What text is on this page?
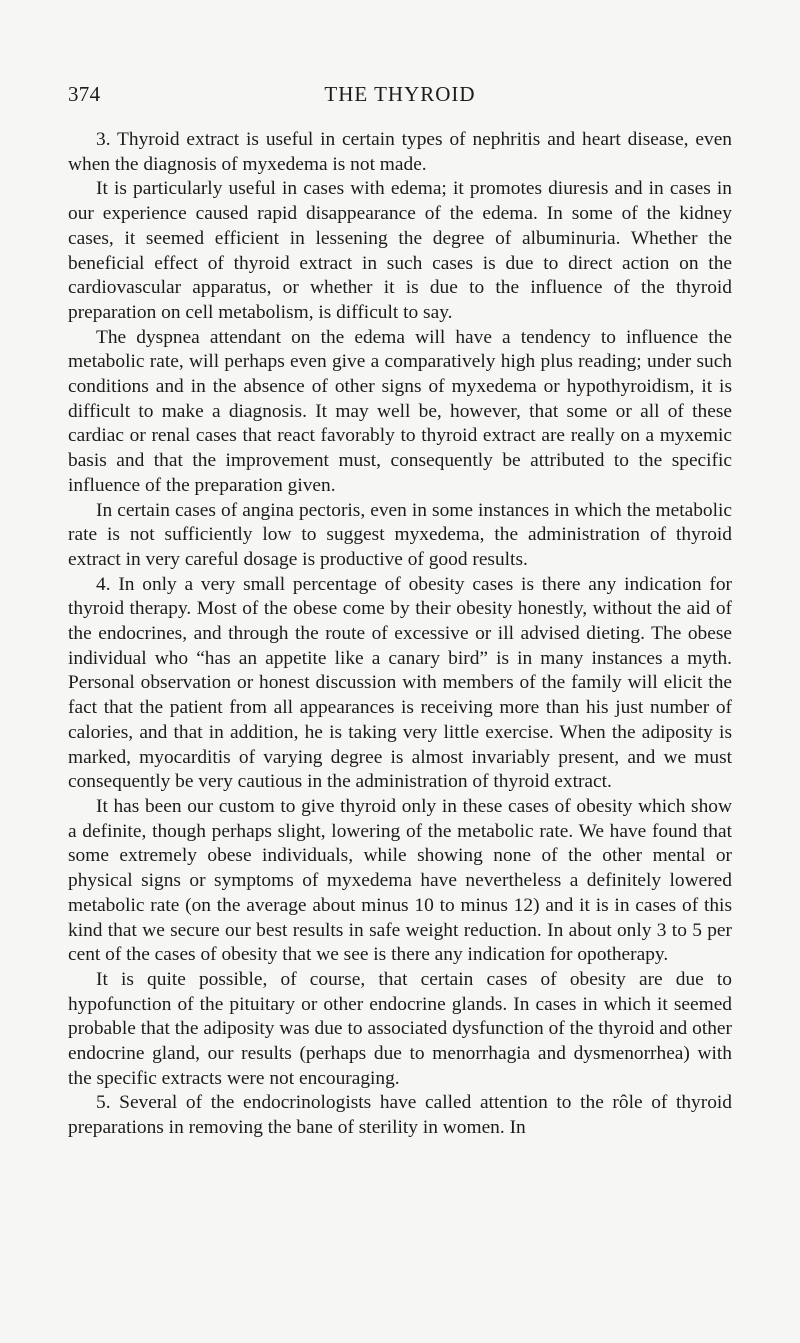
374	THE THYROID

3. Thyroid extract is useful in certain types of nephritis and heart disease, even when the diagnosis of myxedema is not made.

It is particularly useful in cases with edema; it promotes diuresis and in cases in our experience caused rapid disappearance of the edema. In some of the kidney cases, it seemed efficient in lessening the degree of albuminuria. Whether the beneficial effect of thyroid extract in such cases is due to direct action on the cardiovascular apparatus, or whether it is due to the influence of the thyroid preparation on cell metabolism, is difficult to say.

The dyspnea attendant on the edema will have a tendency to influence the metabolic rate, will perhaps even give a comparatively high plus reading; under such conditions and in the absence of other signs of myxedema or hypothyroidism, it is difficult to make a diagnosis. It may well be, however, that some or all of these cardiac or renal cases that react favorably to thyroid extract are really on a myxemic basis and that the improvement must, consequently be attributed to the specific influence of the preparation given.

In certain cases of angina pectoris, even in some instances in which the metabolic rate is not sufficiently low to suggest myxedema, the administration of thyroid extract in very careful dosage is productive of good results.

4. In only a very small percentage of obesity cases is there any indication for thyroid therapy. Most of the obese come by their obesity honestly, without the aid of the endocrines, and through the route of excessive or ill advised dieting. The obese individual who “has an appetite like a canary bird” is in many instances a myth. Personal observation or honest discussion with members of the family will elicit the fact that the patient from all appearances is receiving more than his just number of calories, and that in addition, he is taking very little exercise. When the adiposity is marked, myocarditis of varying degree is almost invariably present, and we must consequently be very cautious in the administration of thyroid extract.

It has been our custom to give thyroid only in these cases of obesity which show a definite, though perhaps slight, lowering of the metabolic rate. We have found that some extremely obese individuals, while showing none of the other mental or physical signs or symptoms of myxedema have nevertheless a definitely lowered metabolic rate (on the average about minus 10 to minus 12) and it is in cases of this kind that we secure our best results in safe weight reduction. In about only 3 to 5 per cent of the cases of obesity that we see is there any indication for opotherapy.

It is quite possible, of course, that certain cases of obesity are due to hypofunction of the pituitary or other endocrine glands. In cases in which it seemed probable that the adiposity was due to associated dysfunction of the thyroid and other endocrine gland, our results (perhaps due to menorrhagia and dysmenorrhea) with the specific extracts were not encouraging.

5. Several of the endocrinologists have called attention to the rôle of thyroid preparations in removing the bane of sterility in women. In
